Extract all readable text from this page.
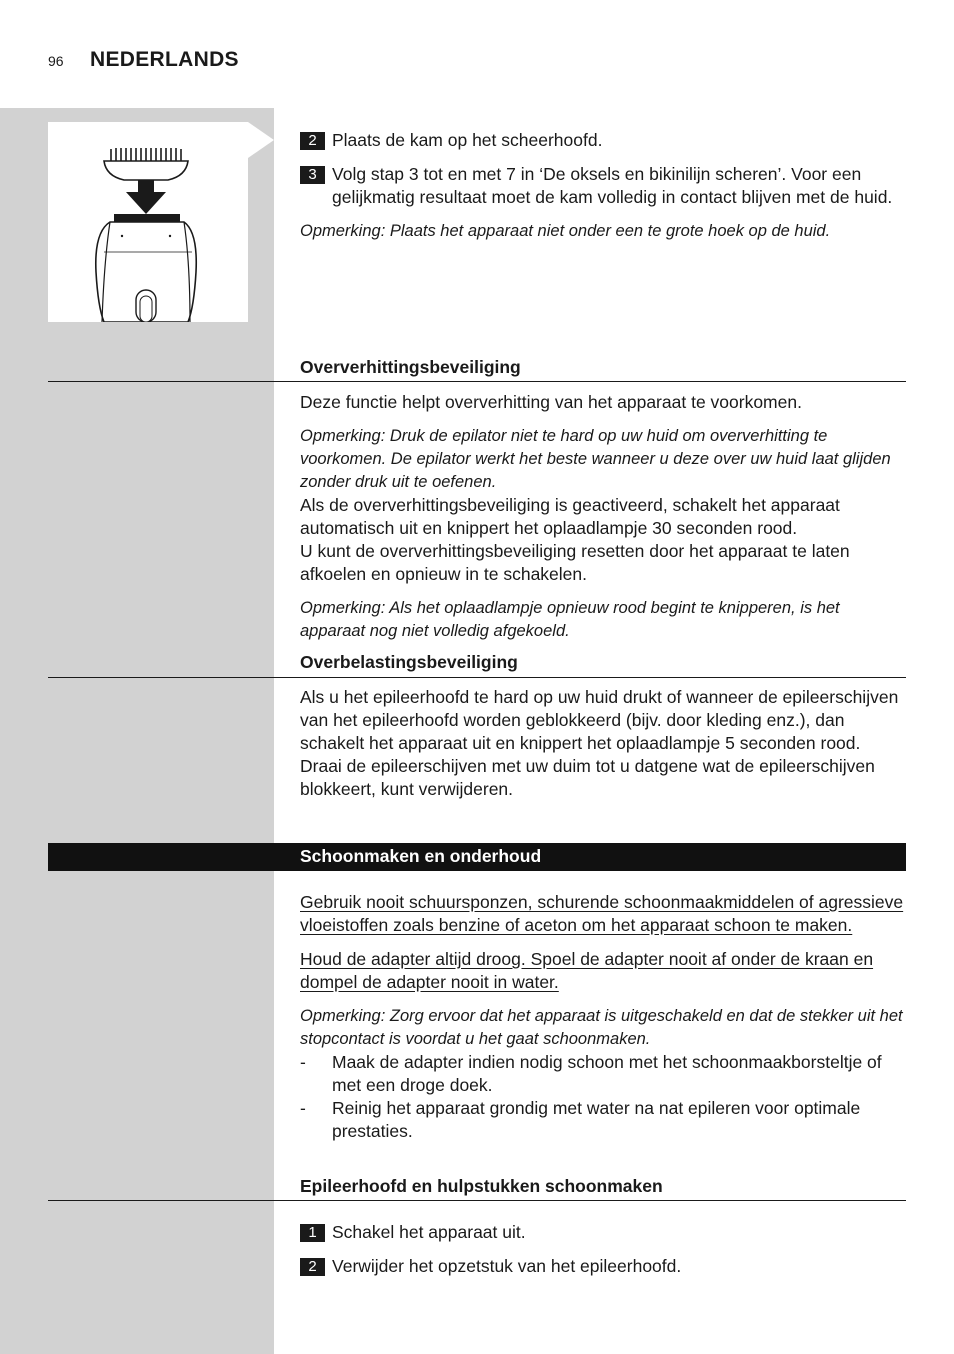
96 NEDERLANDS
2 Plaats de kam op het scheerhoofd.
3 Volg stap 3 tot en met 7 in ‘De oksels en bikinilijn scheren’. Voor een gelijkmatig resultaat moet de kam volledig in contact blijven met de huid.
Opmerking: Plaats het apparaat niet onder een te grote hoek op de huid.
Oververhittingsbeveiliging
Deze functie helpt oververhitting van het apparaat te voorkomen.
Opmerking: Druk de epilator niet te hard op uw huid om oververhitting te voorkomen. De epilator werkt het beste wanneer u deze over uw huid laat glijden zonder druk uit te oefenen.
Als de oververhittingsbeveiliging is geactiveerd, schakelt het apparaat automatisch uit en knippert het oplaadlampje 30 seconden rood.
U kunt de oververhittingsbeveiliging resetten door het apparaat te laten afkoelen en opnieuw in te schakelen.
Opmerking: Als het oplaadlampje opnieuw rood begint te knipperen, is het apparaat nog niet volledig afgekoeld.
Overbelastingsbeveiliging
Als u het epileerhoofd te hard op uw huid drukt of wanneer de epileerschijven van het epileerhoofd worden geblokkeerd (bijv. door kleding enz.), dan schakelt het apparaat uit en knippert het oplaadlampje 5 seconden rood.
Draai de epileerschijven met uw duim tot u datgene wat de epileerschijven blokkeert, kunt verwijderen.
Schoonmaken en onderhoud
Gebruik nooit schuursponzen, schurende schoonmaakmiddelen of agressieve vloeistoffen zoals benzine of aceton om het apparaat schoon te maken.
Houd de adapter altijd droog. Spoel de adapter nooit af onder de kraan en dompel de adapter nooit in water.
Opmerking: Zorg ervoor dat het apparaat is uitgeschakeld en dat de stekker uit het stopcontact is voordat u het gaat schoonmaken.
- Maak de adapter indien nodig schoon met het schoonmaakborsteltje of met een droge doek.
- Reinig het apparaat grondig met water na nat epileren voor optimale prestaties.
Epileerhoofd en hulpstukken schoonmaken
1 Schakel het apparaat uit.
2 Verwijder het opzetstuk van het epileerhoofd.
